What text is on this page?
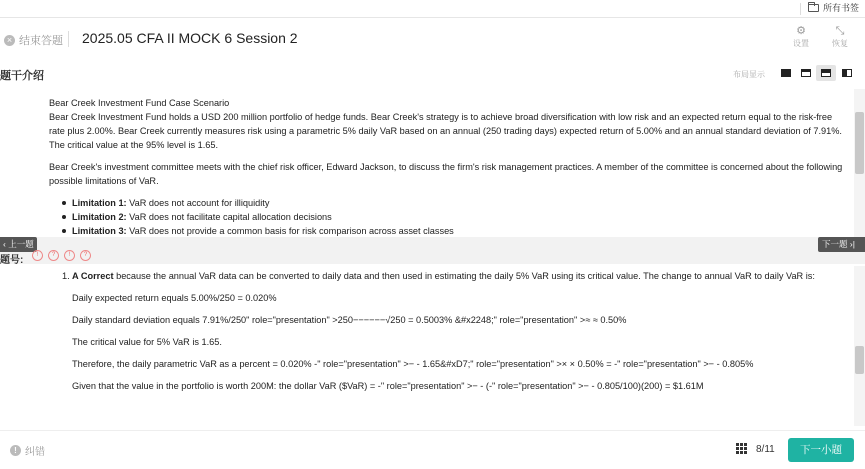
所有书签
× 结束答题 2025.05 CFA II MOCK 6 Session 2	⚙
设置
⤡
恢复
题干介绍	布局显示

Bear Creek Investment Fund Case Scenario

Bear Creek Investment Fund holds a USD 200 million portfolio of hedge funds. Bear Creek's strategy is to achieve broad diversification with low risk and an expected return equal to the risk-free rate plus 2.00%. Bear Creek currently measures risk using a parametric 5% daily VaR based on an annual (250 trading days) expected return of 5.00% and an annual standard deviation of 7.91%. The critical value at the 95% level is 1.65.

Bear Creek's investment committee meets with the chief risk officer, Edward Jackson, to discuss the firm's risk management practices. A member of the committee is concerned about the following possible limitations of VaR.

Limitation 1: VaR does not account for illiquidity
Limitation 2: VaR does not facilitate capital allocation decisions
Limitation 3: VaR does not provide a common basis for risk comparison across asset classes
‹ 上一题	下一题 ›|
题号:	!	?	!	?
1. A Correct because the annual VaR data can be converted to daily data and then used in estimating the daily 5% VaR using its critical value. The change to annual VaR to daily VaR is:

Daily expected return equals 5.00%/250 = 0.020%

Daily standard deviation equals 7.91%/250" role="presentation" >250−−−−−−√250 = 0.5003% &#x2248;" role="presentation" >≈ ≈ 0.50%

The critical value for 5% VaR is 1.65.

Therefore, the daily parametric VaR as a percent = 0.020% -" role="presentation" >− - 1.65&#xD7;" role="presentation" >× × 0.50% = -" role="presentation" >− - 0.805%

Given that the value in the portfolio is worth 200M: the dollar VaR ($VaR) = -" role="presentation" >− - (-" role="presentation" >− - 0.805/100)(200) = $1.61M

! 纠错	8/11	下一小题
